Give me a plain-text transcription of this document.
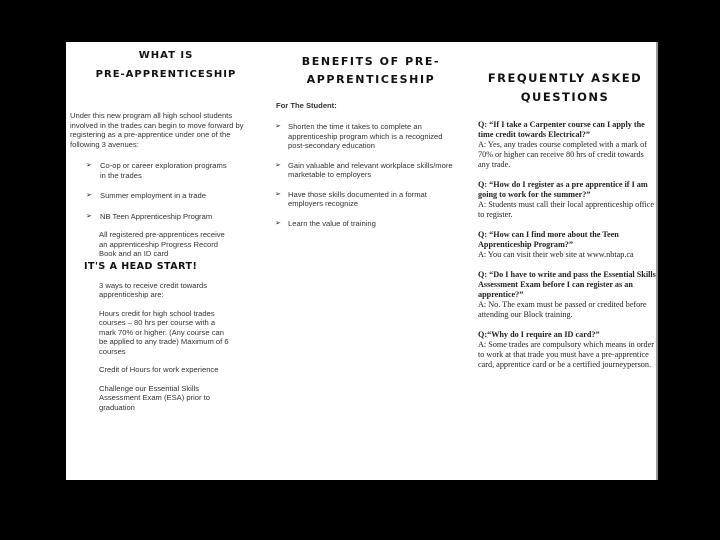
WHAT IS
PRE-APPRENTICESHIP
Under this new program all high school students involved in the trades can begin to move forward by registering as a pre-apprentice under one of the following 3 avenues:
➢ Co-op or career exploration programs in the trades
➢ Summer employment in a trade
➢ NB Teen Apprenticeship Program
All registered pre-apprentices receive an apprenticeship Progress Record Book and an ID card
IT'S A HEAD START!
3 ways to receive credit towards apprenticeship are:
Hours credit for high school trades courses – 80 hrs per course with a mark 70% or higher. (Any course can be applied to any trade) Maximum of 6 courses
Credit of Hours for work experience
Challenge our Essential Skills Assessment Exam (ESA) prior to graduation
BENEFITS OF PRE-
APPRENTICESHIP
For The Student:
➢ Shorten the time it takes to complete an apprenticeship program which is a recognized post-secondary education
➢ Gain valuable and relevant workplace skills/more marketable to employers
➢ Have those skills documented in a format employers recognize
➢ Learn the value of training
FREQUENTLY ASKED
QUESTIONS
Q: “If I take a Carpenter course can I apply the time credit towards Electrical?”
A: Yes, any trades course completed with a mark of 70% or higher can receive 80 hrs of credit towards any trade.
Q: “How do I register as a pre apprentice if I am going to work for the summer?”
A: Students must call their local apprenticeship office to register.
Q: “How can I find more about the Teen Apprenticeship Program?”
A: You can visit their web site at www.nbtap.ca
Q: “Do I have to write and pass the Essential Skills Assessment Exam before I can register as an apprentice?”
A: No. The exam must be passed or credited before attending our Block training.
Q:“Why do I require an ID card?”
A: Some trades are compulsory which means in order to work at that trade you must have a pre-apprentice card, apprentice card or be a certified journeyperson.
